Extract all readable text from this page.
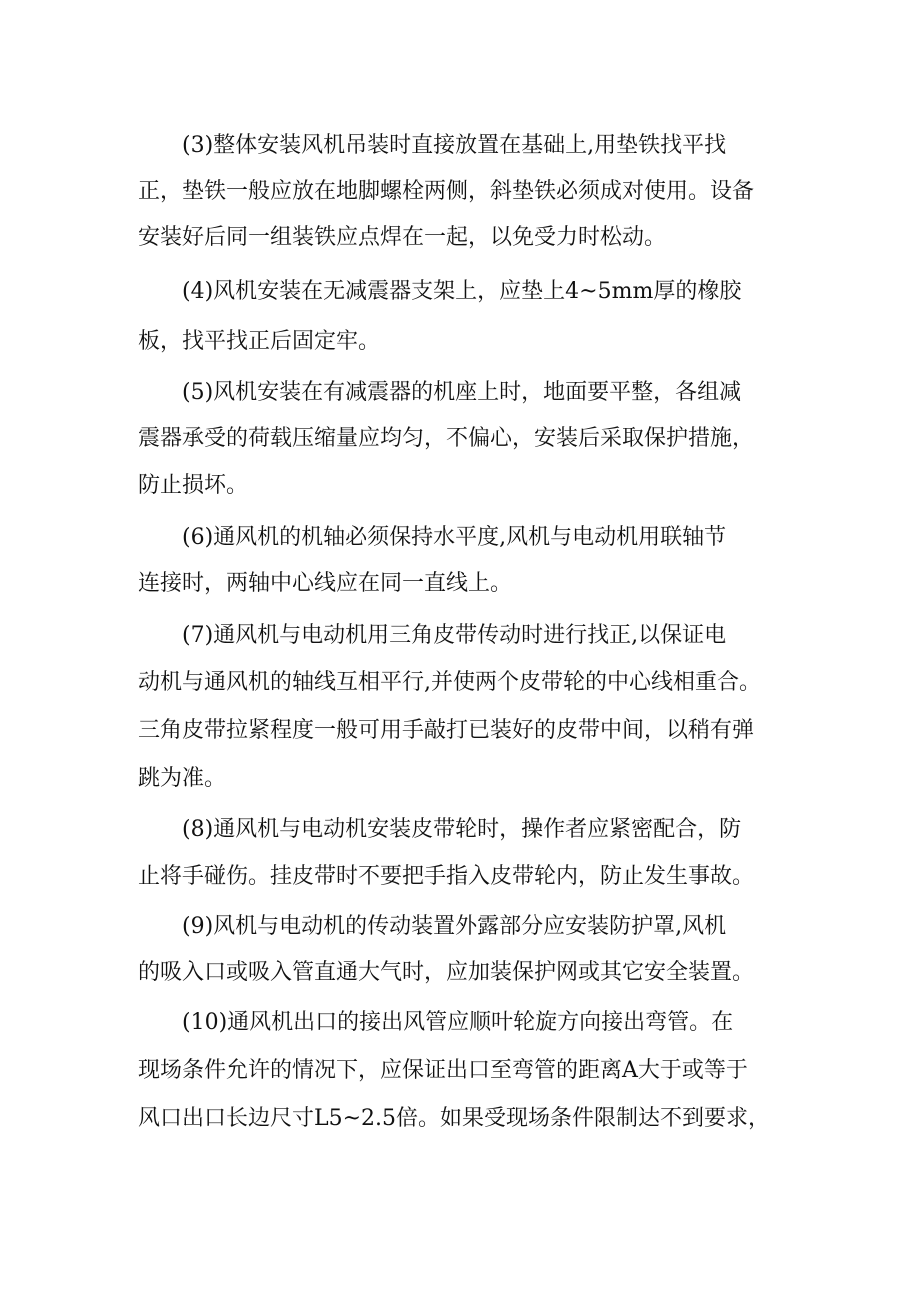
(3)整体安装风机吊装时直接放置在基础上,用垫铁找平找
正，垫铁一般应放在地脚螺栓两侧，斜垫铁必须成对使用。设备
安装好后同一组装铁应点焊在一起，以免受力时松动。
(4)风机安装在无减震器支架上，应垫上4~5mm厚的橡胶
板，找平找正后固定牢。
(5)风机安装在有减震器的机座上时，地面要平整，各组减
震器承受的荷载压缩量应均匀，不偏心，安装后采取保护措施，
防止损坏。
(6)通风机的机轴必须保持水平度,风机与电动机用联轴节
连接时，两轴中心线应在同一直线上。
(7)通风机与电动机用三角皮带传动时进行找正,以保证电
动机与通风机的轴线互相平行,并使两个皮带轮的中心线相重合。
三角皮带拉紧程度一般可用手敲打已装好的皮带中间，以稍有弹
跳为准。
(8)通风机与电动机安装皮带轮时，操作者应紧密配合，防
止将手碰伤。挂皮带时不要把手指入皮带轮内，防止发生事故。
(9)风机与电动机的传动装置外露部分应安装防护罩,风机
的吸入口或吸入管直通大气时，应加装保护网或其它安全装置。
(10)通风机出口的接出风管应顺叶轮旋方向接出弯管。在
现场条件允许的情况下，应保证出口至弯管的距离A大于或等于
风口出口长边尺寸L5~2.5倍。如果受现场条件限制达不到要求，
